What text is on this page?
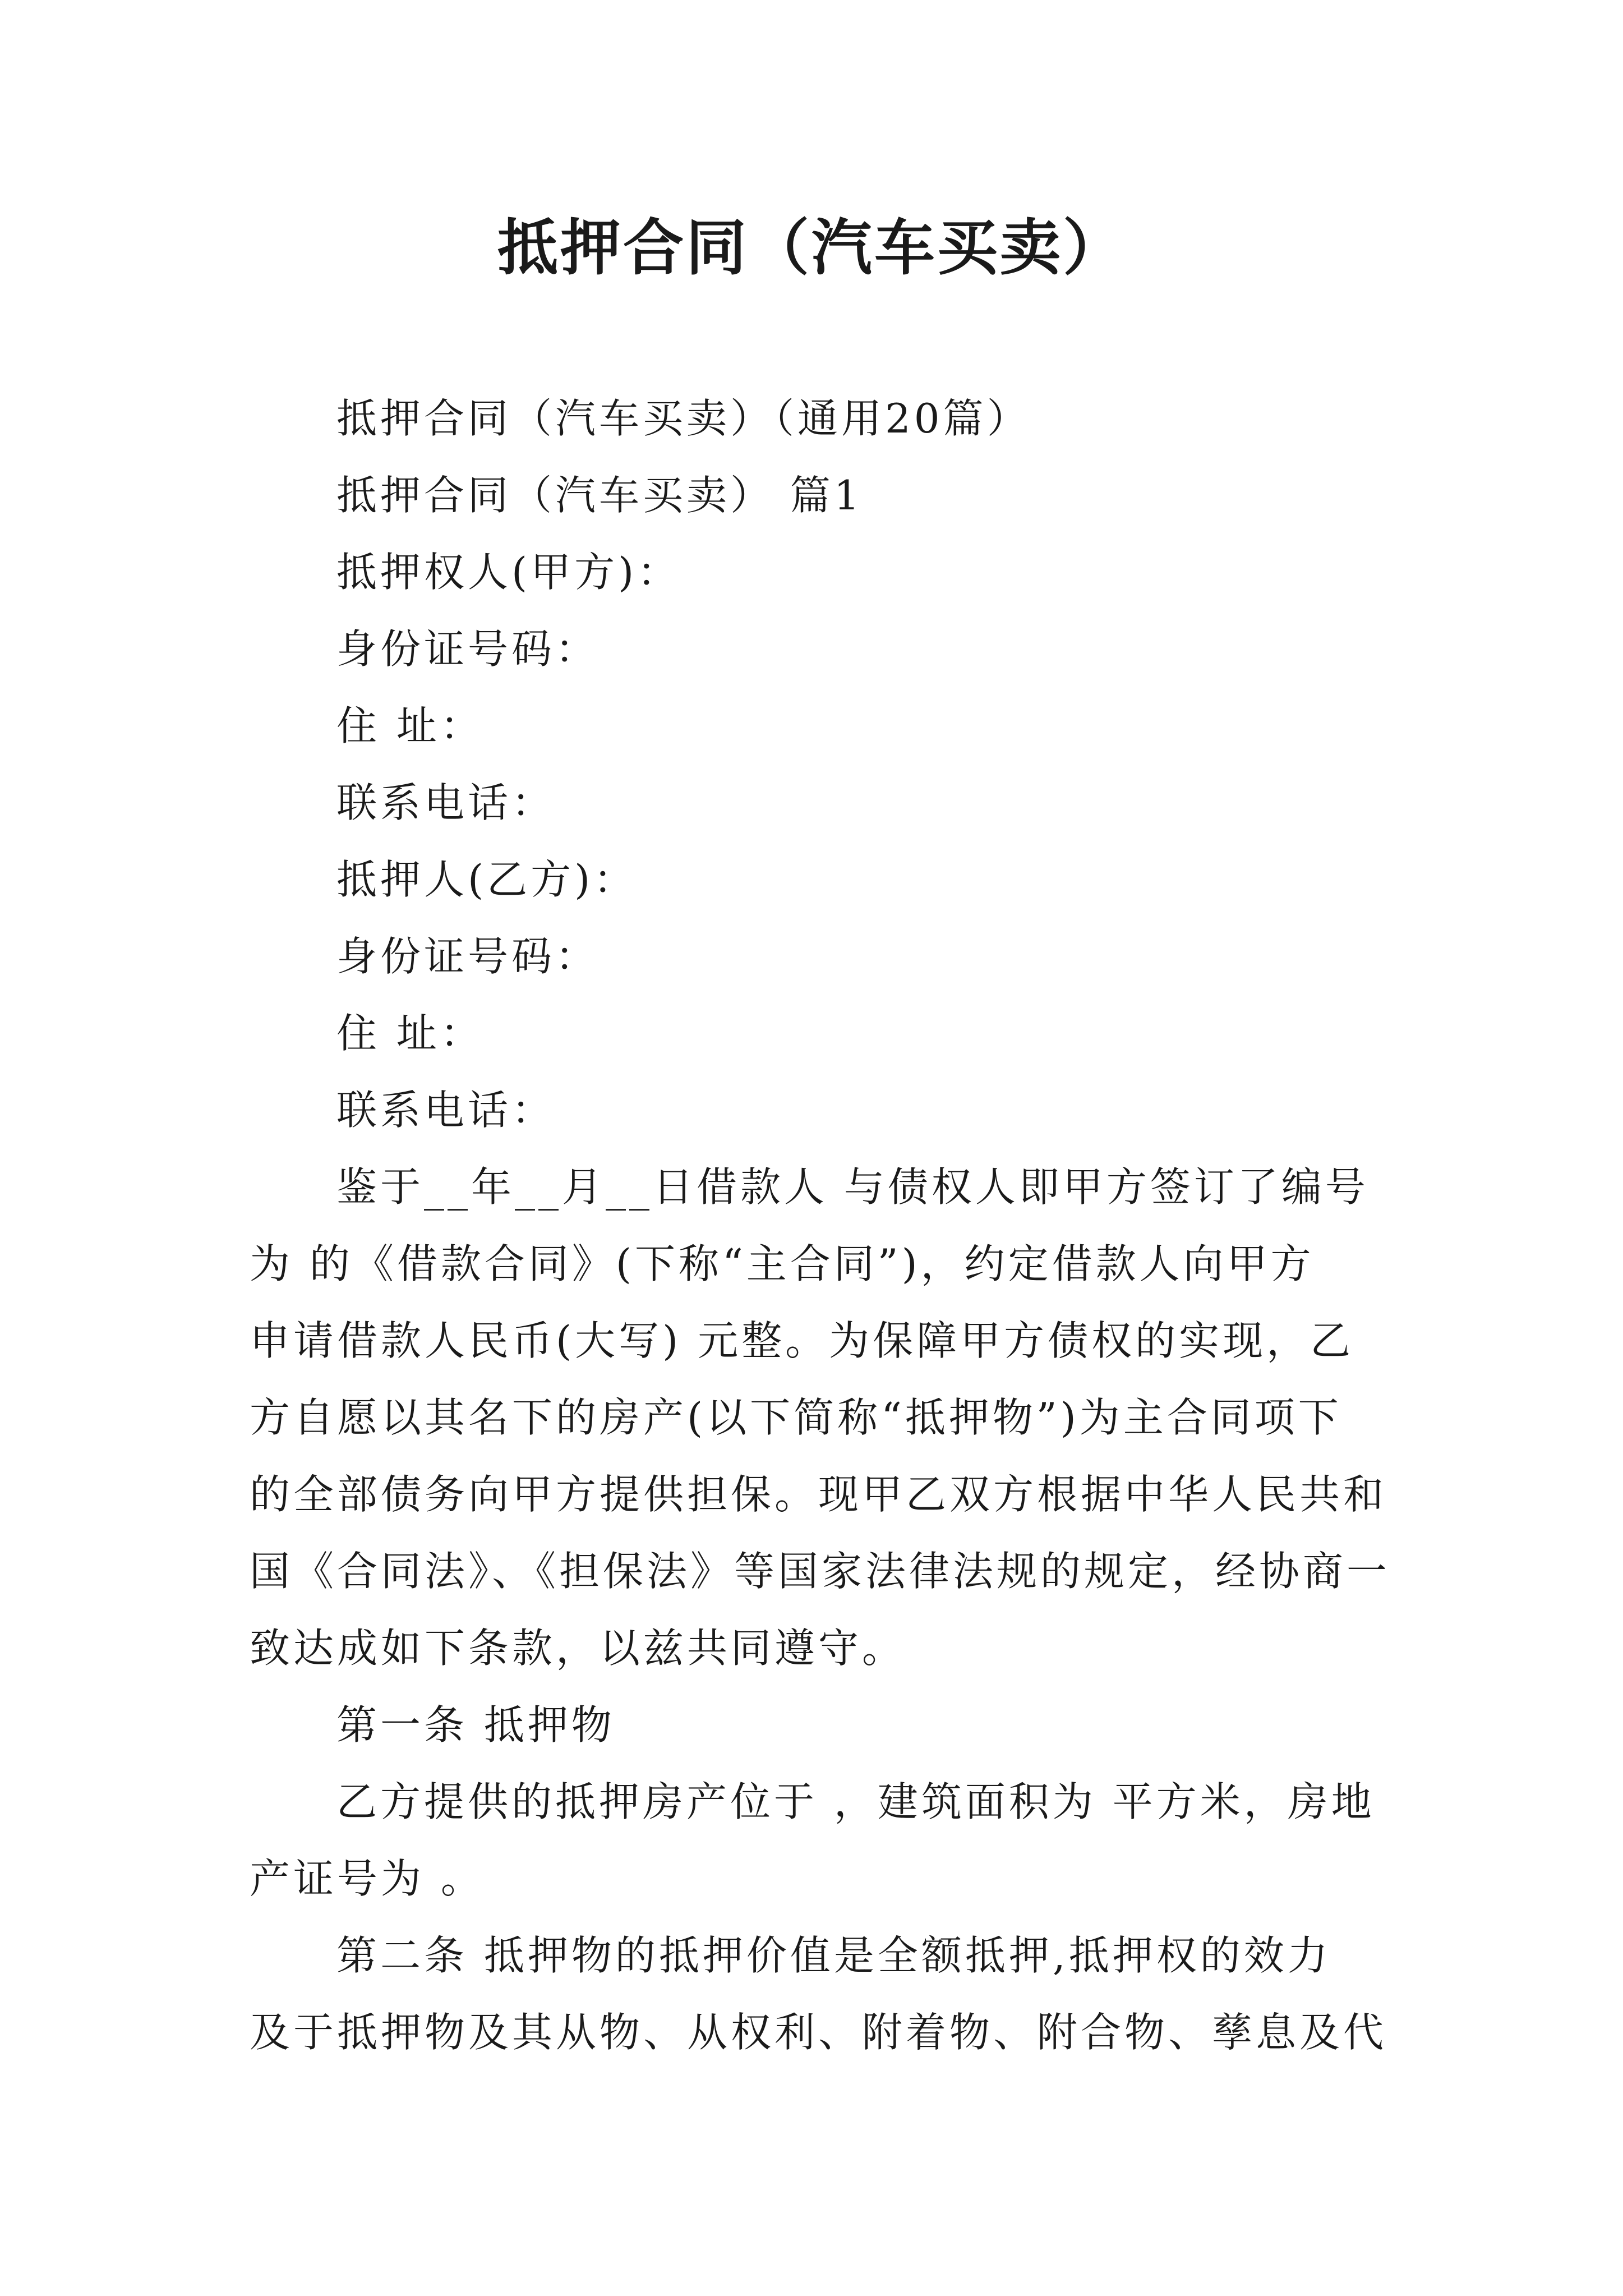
抵押合同（汽车买卖）
抵押合同（汽车买卖）（通用20篇）
抵押合同（汽车买卖） 篇1
抵押权人(甲方)：
身份证号码：
住 址：
联系电话：
抵押人(乙方)：
身份证号码：
住 址：
联系电话：
鉴于__年__月__日借款人 与债权人即甲方签订了编号
为 的《借款合同》(下称“主合同”)，约定借款人向甲方
申请借款人民币(大写) 元整。为保障甲方债权的实现，乙
方自愿以其名下的房产(以下简称“抵押物”)为主合同项下
的全部债务向甲方提供担保。现甲乙双方根据中华人民共和
国《合同法》、《担保法》等国家法律法规的规定，经协商一
致达成如下条款，以兹共同遵守。
第一条 抵押物
乙方提供的抵押房产位于 ，建筑面积为 平方米，房地
产证号为 。
第二条 抵押物的抵押价值是全额抵押,抵押权的效力
及于抵押物及其从物、从权利、附着物、附合物、孳息及代
